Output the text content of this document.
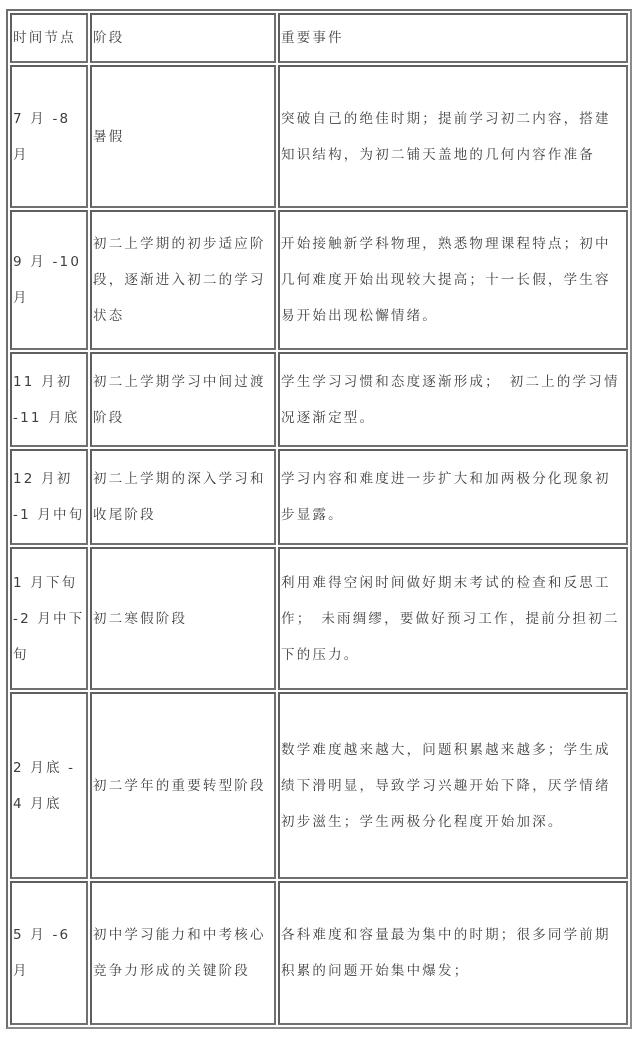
时间节点	阶段	重要事件
7 月 -8 月	暑假	突破自己的绝佳时期；提前学习初二内容，搭建知识结构，为初二铺天盖地的几何内容作准备
9 月 -10 月	初二上学期的初步适应阶段，逐渐进入初二的学习状态	开始接触新学科物理，熟悉物理课程特点；初中几何难度开始出现较大提高；十一长假，学生容易开始出现松懈情绪。
11 月初 -11 月底	初二上学期学习中间过渡阶段	学生学习习惯和态度逐渐形成；　初二上的学习情况逐渐定型。
12 月初 -1 月中旬	初二上学期的深入学习和收尾阶段	学习内容和难度进一步扩大和加两极分化现象初步显露。
1 月下旬 -2 月中下旬	初二寒假阶段	利用难得空闲时间做好期末考试的检查和反思工作；　未雨绸缪，要做好预习工作，提前分担初二下的压力。
2 月底 -4 月底	初二学年的重要转型阶段	数学难度越来越大，问题积累越来越多；学生成绩下滑明显，导致学习兴趣开始下降，厌学情绪初步滋生；学生两极分化程度开始加深。
5 月 -6 月	初中学习能力和中考核心竞争力形成的关键阶段	各科难度和容量最为集中的时期；很多同学前期积累的问题开始集中爆发；
